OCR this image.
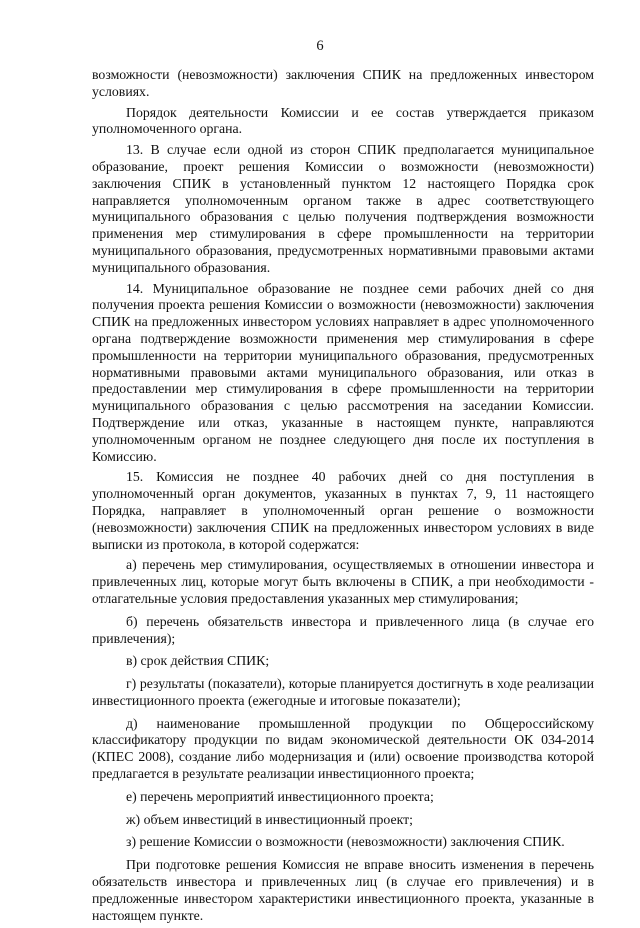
6

возможности (невозможности) заключения СПИК на предложенных инвестором условиях.

Порядок деятельности Комиссии и ее состав утверждается приказом уполномоченного органа.

13. В случае если одной из сторон СПИК предполагается муниципальное образование, проект решения Комиссии о возможности (невозможности) заключения СПИК в установленный пунктом 12 настоящего Порядка срок направляется уполномоченным органом также в адрес соответствующего муниципального образования с целью получения подтверждения возможности применения мер стимулирования в сфере промышленности на территории муниципального образования, предусмотренных нормативными правовыми актами муниципального образования.

14. Муниципальное образование не позднее семи рабочих дней со дня получения проекта решения Комиссии о возможности (невозможности) заключения СПИК на предложенных инвестором условиях направляет в адрес уполномоченного органа подтверждение возможности применения мер стимулирования в сфере промышленности на территории муниципального образования, предусмотренных нормативными правовыми актами муниципального образования, или отказ в предоставлении мер стимулирования в сфере промышленности на территории муниципального образования с целью рассмотрения на заседании Комиссии. Подтверждение или отказ, указанные в настоящем пункте, направляются уполномоченным органом не позднее следующего дня после их поступления в Комиссию.

15. Комиссия не позднее 40 рабочих дней со дня поступления в уполномоченный орган документов, указанных в пунктах 7, 9, 11 настоящего Порядка, направляет в уполномоченный орган решение о возможности (невозможности) заключения СПИК на предложенных инвестором условиях в виде выписки из протокола, в которой содержатся:

а) перечень мер стимулирования, осуществляемых в отношении инвестора и привлеченных лиц, которые могут быть включены в СПИК, а при необходимости - отлагательные условия предоставления указанных мер стимулирования;

б) перечень обязательств инвестора и привлеченного лица (в случае его привлечения);

в) срок действия СПИК;

г) результаты (показатели), которые планируется достигнуть в ходе реализации инвестиционного проекта (ежегодные и итоговые показатели);

д) наименование промышленной продукции по Общероссийскому классификатору продукции по видам экономической деятельности ОК 034-2014 (КПЕС 2008), создание либо модернизация и (или) освоение производства которой предлагается в результате реализации инвестиционного проекта;

е) перечень мероприятий инвестиционного проекта;

ж) объем инвестиций в инвестиционный проект;

з) решение Комиссии о возможности (невозможности) заключения СПИК.

При подготовке решения Комиссия не вправе вносить изменения в перечень обязательств инвестора и привлеченных лиц (в случае его привлечения) и в предложенные инвестором характеристики инвестиционного проекта, указанные в настоящем пункте.
